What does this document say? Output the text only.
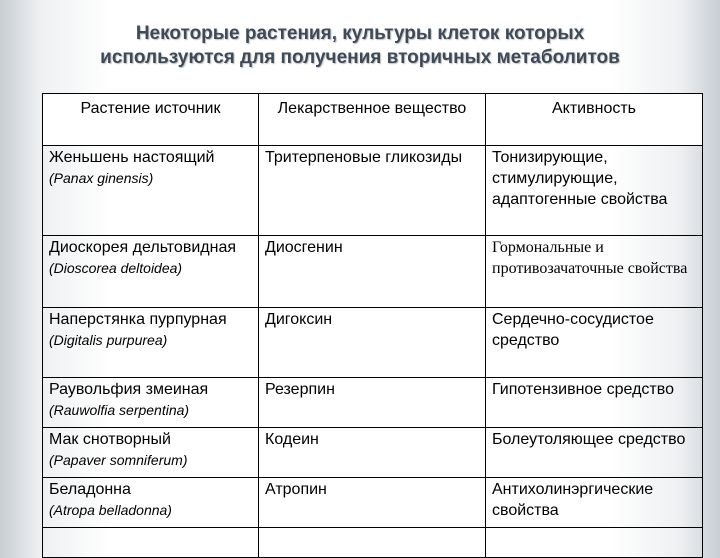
Некоторые растения, культуры клеток которых
используются для получения вторичных метаболитов
Растение источник	Лекарственное вещество	Активность
Женьшень настоящий
(Panax ginensis)	Тритерпеновые гликозиды	Тонизирующие, стимулирующие, адаптогенные свойства
Диоскорея дельтовидная
(Dioscorea deltoidea)	Диосгенин	Гормональные и противозачаточные свойства
Наперстянка пурпурная
(Digitalis purpurea)	Дигоксин	Сердечно-сосудистое средство
Раувольфия змеиная
(Rauwolfia serpentina)	Резерпин	Гипотензивное средство
Мак снотворный
(Papaver somniferum)	Кодеин	Болеутоляющее средство
Беладонна
(Atropa belladonna)	Атропин	Антихолинэргические свойства
